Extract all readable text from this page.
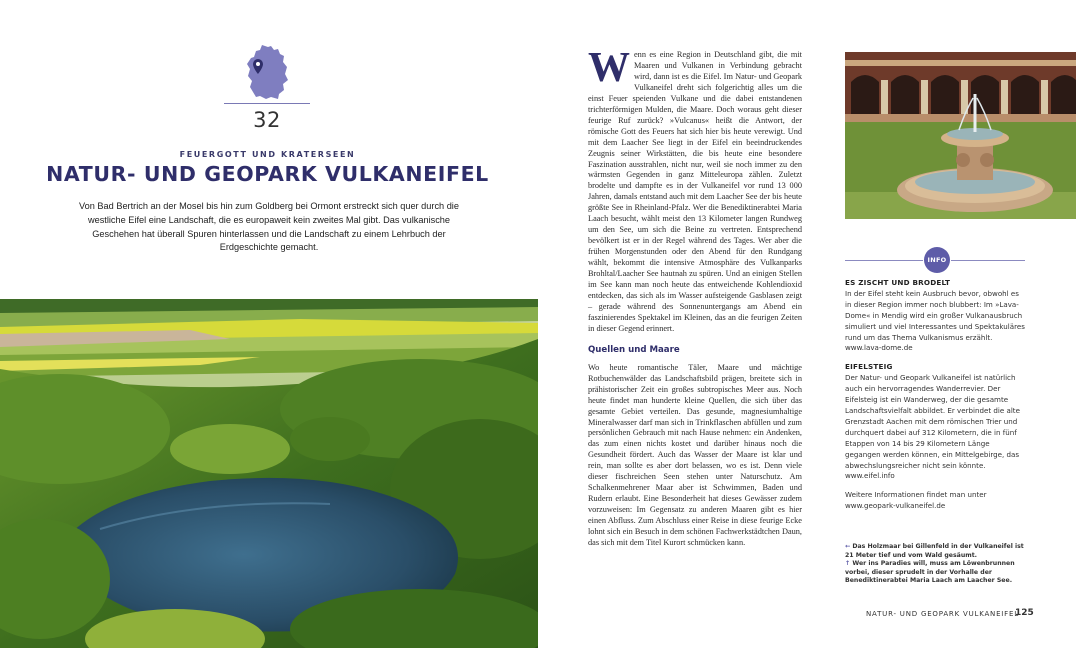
32
FEUERGOTT UND KRATERSEEN
NATUR- UND GEOPARK VULKANEIFEL
Von Bad Bertrich an der Mosel bis hin zum Goldberg bei Ormont erstreckt sich quer durch die westliche Eifel eine Landschaft, die es europaweit kein zweites Mal gibt. Das vulkanische Geschehen hat überall Spuren hinterlassen und die Landschaft zu einem Lehrbuch der Erdgeschichte gemacht.
W enn es eine Region in Deutschland gibt, die mit Maaren und Vulkanen in Verbindung gebracht wird, dann ist es die Eifel. Im Natur- und Geopark Vulkaneifel dreht sich folgerichtig alles um die einst Feuer speienden Vulkane und die dabei entstandenen trichterförmigen Mulden, die Maare. Doch woraus geht dieser feurige Ruf zurück? »Vulcanus« heißt die Antwort, der römische Gott des Feuers hat sich hier bis heute verewigt. Und mit dem Laacher See liegt in der Eifel ein beeindruckendes Zeugnis seiner Wirkstätten, die bis heute eine besondere Faszination ausstrahlen, nicht nur, weil sie noch immer zu den wärmsten Gegenden in ganz Mitteleuropa zählen. Zuletzt brodelte und dampfte es in der Vulkaneifel vor rund 13 000 Jahren, damals entstand auch mit dem Laacher See der bis heute größte See in Rheinland-Pfalz. Wer die Benediktinerabtei Maria Laach besucht, wählt meist den 13 Kilometer langen Rundweg um den See, um sich die Beine zu vertreten. Entsprechend bevölkert ist er in der Regel während des Tages. Wer aber die frühen Morgenstunden oder den Abend für den Rundgang wählt, bekommt die intensive Atmosphäre des Vulkanparks Brohltal/Laacher See hautnah zu spüren. Und an einigen Stellen im See kann man noch heute das entweichende Kohlendioxid entdecken, das sich als im Wasser aufsteigende Gasblasen zeigt – gerade während des Sonnenuntergangs am Abend ein faszinierendes Spektakel im Kleinen, das an die feurigen Zeiten in dieser Gegend erinnert.

Quellen und Maare

Wo heute romantische Täler, Maare und mächtige Rotbuchenwälder das Landschaftsbild prägen, breitete sich in prähistorischer Zeit ein großes subtropisches Meer aus. Noch heute findet man hunderte kleine Quellen, die sich über das gesamte Gebiet verteilen. Das gesunde, magnesiumhaltige Mineralwasser darf man sich in Trinkflaschen abfüllen und zum persönlichen Gebrauch mit nach Hause nehmen: ein Andenken, das zum einen nichts kostet und darüber hinaus noch die Gesundheit fördert. Auch das Wasser der Maare ist klar und rein, man sollte es aber dort belassen, wo es ist. Denn viele dieser fischreichen Seen stehen unter Naturschutz. Am Schalkenmehrener Maar aber ist Schwimmen, Baden und Rudern erlaubt. Eine Besonderheit hat dieses Gewässer zudem vorzuweisen: Im Gegensatz zu anderen Maaren gibt es hier einen Abfluss. Zum Abschluss einer Reise in diese feurige Ecke lohnt sich ein Besuch in dem schönen Fachwerkstädtchen Daun, das sich mit dem Titel Kurort schmücken kann.

INFO
ES ZISCHT UND BRODELT

In der Eifel steht kein Ausbruch bevor, obwohl es in dieser Region immer noch blubbert: Im »Lava-Dome« in Mendig wird ein großer Vulkanausbruch simuliert und viel Interessantes und Spektakuläres rund um das Thema Vulkanismus erzählt. www.lava-dome.de

EIFELSTEIG

Der Natur- und Geopark Vulkaneifel ist natürlich auch ein hervorragendes Wanderrevier. Der Eifelsteig ist ein Wanderweg, der die gesamte Landschaftsvielfalt abbildet. Er verbindet die alte Grenzstadt Aachen mit dem römischen Trier und durchquert dabei auf 312 Kilometern, die in fünf Etappen von 14 bis 29 Kilometern Länge gegangen werden können, ein Mittelgebirge, das abwechslungsreicher nicht sein könnte. www.eifel.info

Weitere Informationen findet man unter www.geopark-vulkaneifel.de

← Das Holzmaar bei Gillenfeld in der Vulkaneifel ist 21 Meter tief und vom Wald gesäumt.

↑ Wer ins Paradies will, muss am Löwenbrunnen vorbei, dieser sprudelt in der Vorhalle der Benediktinerabtei Maria Laach am Laacher See.

NATUR- UND GEOPARK VULKANEIFEL
125
